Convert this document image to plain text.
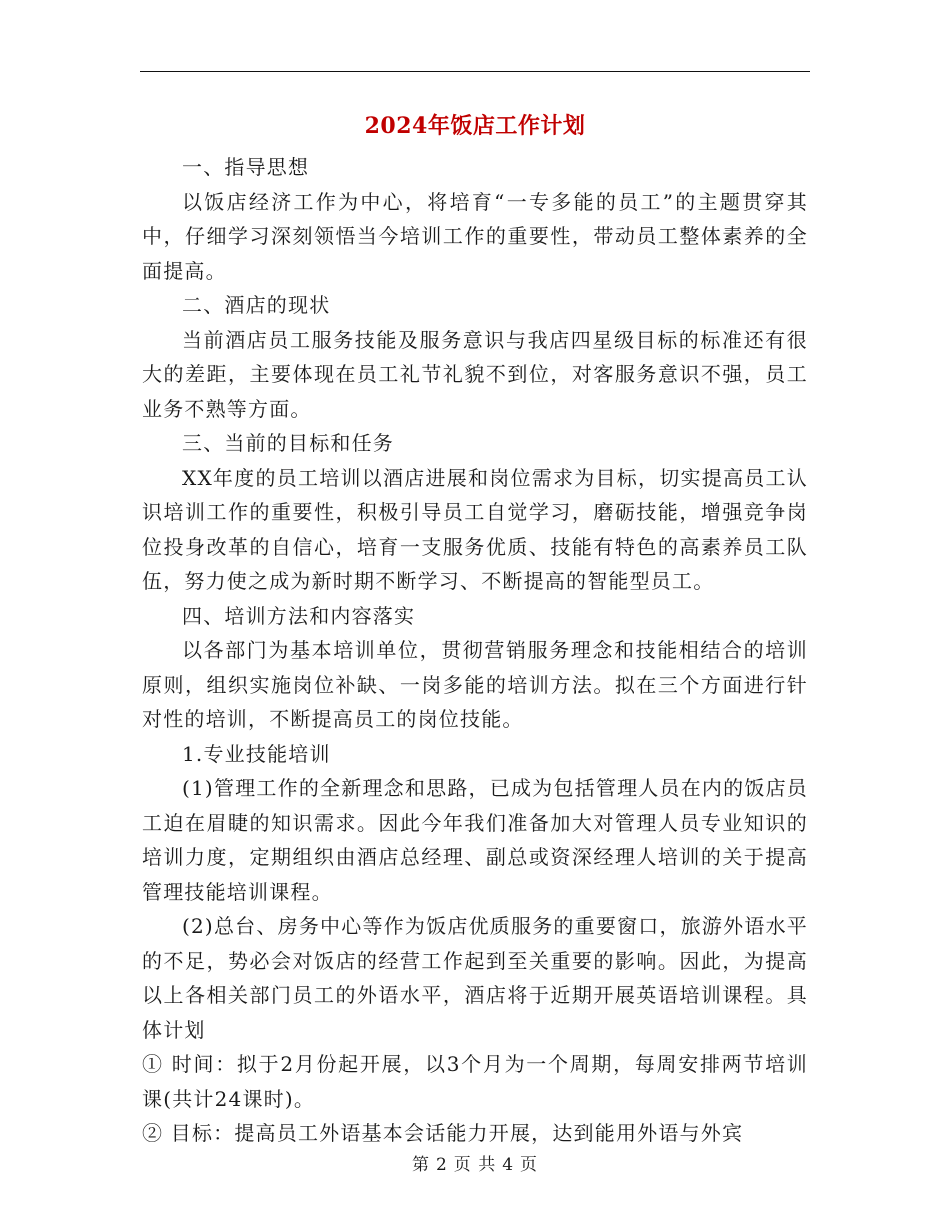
2024年饭店工作计划

一、指导思想

以饭店经济工作为中心，将培育“一专多能的员工”的主题贯穿其中，仔细学习深刻领悟当今培训工作的重要性，带动员工整体素养的全面提高。

二、酒店的现状

当前酒店员工服务技能及服务意识与我店四星级目标的标准还有很大的差距，主要体现在员工礼节礼貌不到位，对客服务意识不强，员工业务不熟等方面。

三、当前的目标和任务

XX年度的员工培训以酒店进展和岗位需求为目标，切实提高员工认识培训工作的重要性，积极引导员工自觉学习，磨砺技能，增强竞争岗位投身改革的自信心，培育一支服务优质、技能有特色的高素养员工队伍，努力使之成为新时期不断学习、不断提高的智能型员工。

四、培训方法和内容落实

以各部门为基本培训单位，贯彻营销服务理念和技能相结合的培训原则，组织实施岗位补缺、一岗多能的培训方法。拟在三个方面进行针对性的培训，不断提高员工的岗位技能。

1.专业技能培训

(1)管理工作的全新理念和思路，已成为包括管理人员在内的饭店员工迫在眉睫的知识需求。因此今年我们准备加大对管理人员专业知识的培训力度，定期组织由酒店总经理、副总或资深经理人培训的关于提高管理技能培训课程。

(2)总台、房务中心等作为饭店优质服务的重要窗口，旅游外语水平的不足，势必会对饭店的经营工作起到至关重要的影响。因此，为提高以上各相关部门员工的外语水平，酒店将于近期开展英语培训课程。具体计划

① 时间：拟于2月份起开展，以3个月为一个周期，每周安排两节培训课(共计24课时)。

② 目标：提高员工外语基本会话能力开展，达到能用外语与外宾

第 2 页 共 4 页
